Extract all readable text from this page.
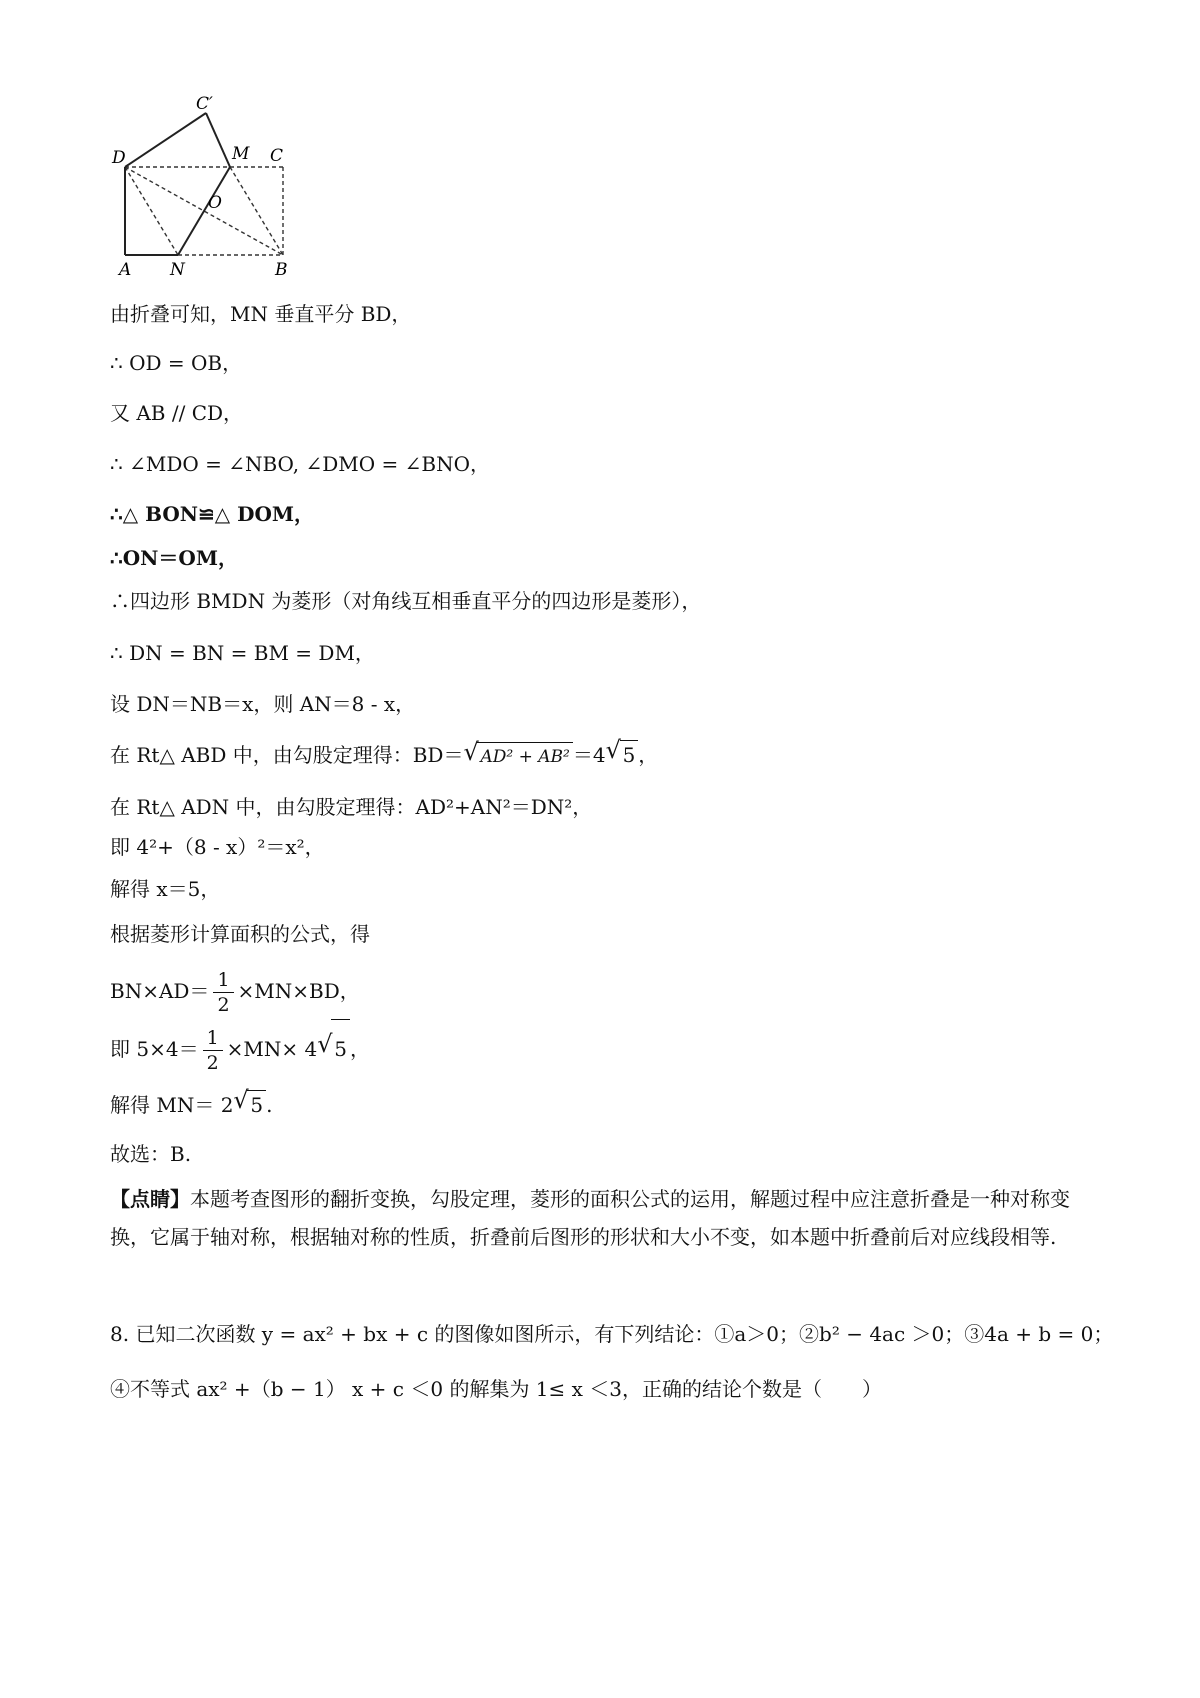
C′
D	M C
O
A N	B
由折叠可知，MN 垂直平分 BD，
∴ OD = OB，
又 AB // CD，
∴ ∠MDO = ∠NBO, ∠DMO = ∠BNO，
∴△ BON≌△ DOM，
∴ON＝OM，
∴四边形 BMDN 为菱形（对角线互相垂直平分的四边形是菱形），
∴ DN = BN = BM = DM，
设 DN＝NB＝x，则 AN＝8 - x，
在 Rt△ ABD 中，由勾股定理得：BD＝√ AD² + AB² ＝4√ 5 ，
在 Rt△ ADN 中，由勾股定理得：AD²+AN²＝DN²，
即 4²+（8 - x）²＝x²，
解得 x＝5，
根据菱形计算面积的公式，得
$BN\times AD= \frac{1}{2} \times MN\times BD$，
即 $5\times 4= \frac{1}{2} \times MN\times 4√$ 5 ，
解得 MN＝ 2√ 5 .
故选：B.
【点睛】本题考查图形的翻折变换，勾股定理，菱形的面积公式的运用，解题过程中应注意折叠是一种对称变换，它属于轴对称，根据轴对称的性质，折叠前后图形的形状和大小不变，如本题中折叠前后对应线段相等.
8. 已知二次函数 y = ax² + bx + c 的图像如图所示，有下列结论：①a＞0；②b² − 4ac ＞0；③4a + b = 0；
④不等式 ax² +（b − 1） x + c ＜0 的解集为 1≤ x ＜3，正确的结论个数是（　　）
